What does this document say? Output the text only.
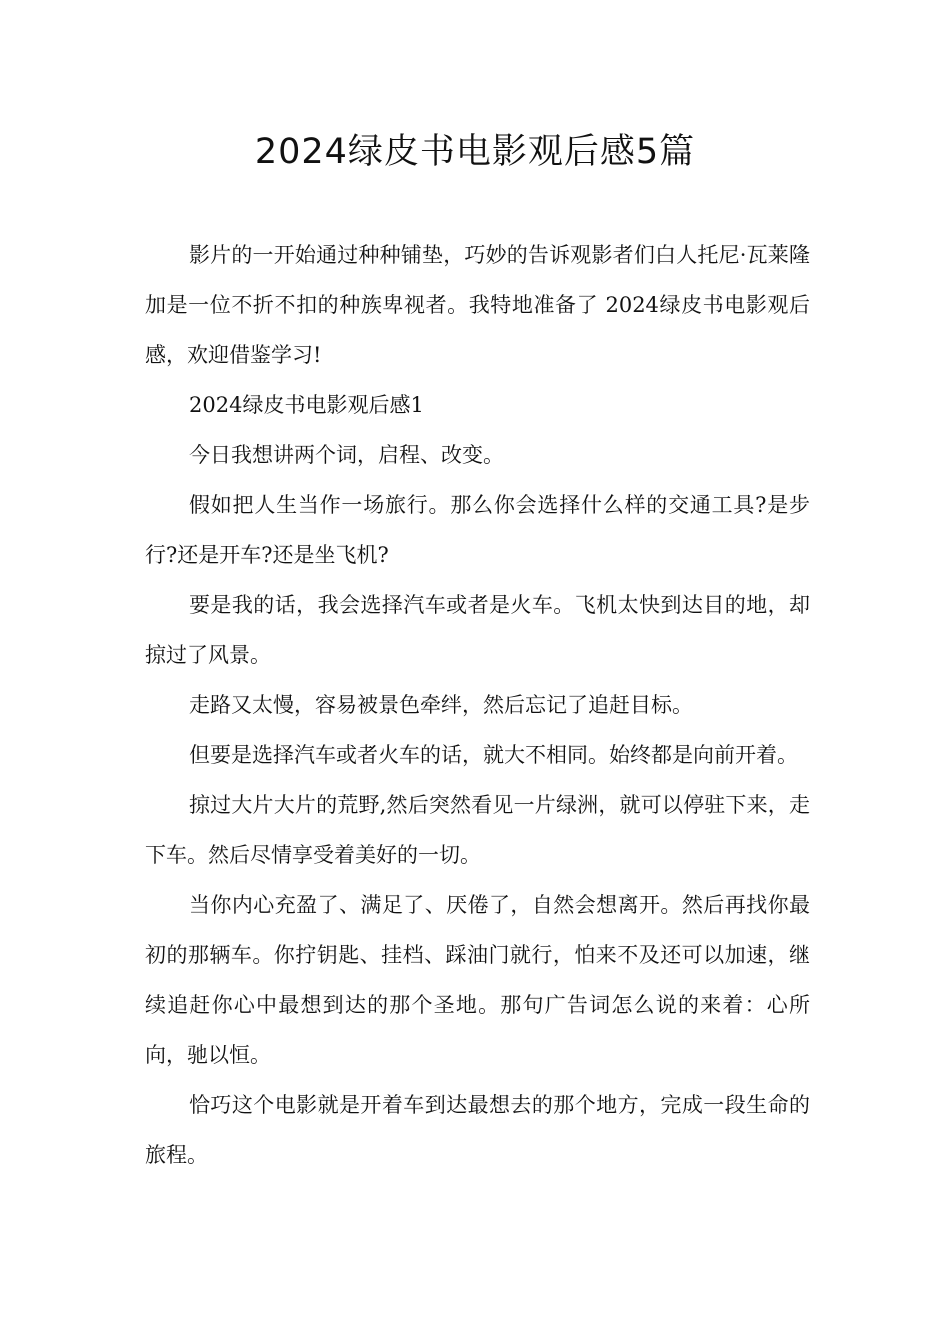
2024绿皮书电影观后感5篇

影片的一开始通过种种铺垫，巧妙的告诉观影者们白人托尼·瓦莱隆加是一位不折不扣的种族卑视者。我特地准备了 2024绿皮书电影观后感，欢迎借鉴学习!

2024绿皮书电影观后感1

今日我想讲两个词，启程、改变。

假如把人生当作一场旅行。那么你会选择什么样的交通工具?是步行?还是开车?还是坐飞机?

要是我的话，我会选择汽车或者是火车。飞机太快到达目的地，却掠过了风景。

走路又太慢，容易被景色牵绊，然后忘记了追赶目标。

但要是选择汽车或者火车的话，就大不相同。始终都是向前开着。

掠过大片大片的荒野,然后突然看见一片绿洲，就可以停驻下来，走下车。然后尽情享受着美好的一切。

当你内心充盈了、满足了、厌倦了，自然会想离开。然后再找你最初的那辆车。你拧钥匙、挂档、踩油门就行，怕来不及还可以加速，继续追赶你心中最想到达的那个圣地。那句广告词怎么说的来着：心所向，驰以恒。

恰巧这个电影就是开着车到达最想去的那个地方，完成一段生命的旅程。
